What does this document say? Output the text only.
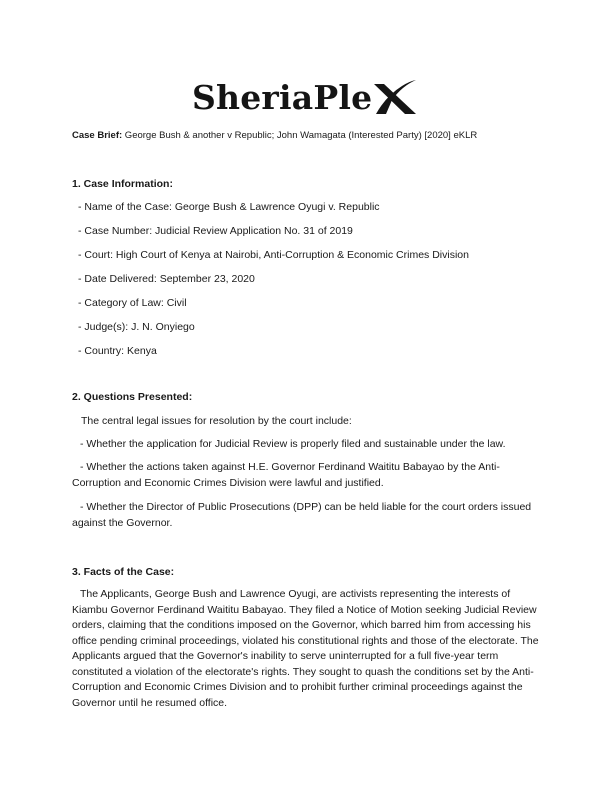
SheriaPle
Case Brief: George Bush & another v Republic; John Wamagata (Interested Party) [2020] eKLR
1. Case Information:
- Name of the Case: George Bush & Lawrence Oyugi v. Republic
- Case Number: Judicial Review Application No. 31 of 2019
- Court: High Court of Kenya at Nairobi, Anti-Corruption & Economic Crimes Division
- Date Delivered: September 23, 2020
- Category of Law: Civil
- Judge(s): J. N. Onyiego
- Country: Kenya
2. Questions Presented:
The central legal issues for resolution by the court include:
- Whether the application for Judicial Review is properly filed and sustainable under the law.
- Whether the actions taken against H.E. Governor Ferdinand Waititu Babayao by the Anti-Corruption and Economic Crimes Division were lawful and justified.
- Whether the Director of Public Prosecutions (DPP) can be held liable for the court orders issued against the Governor.
3. Facts of the Case:
The Applicants, George Bush and Lawrence Oyugi, are activists representing the interests of Kiambu Governor Ferdinand Waititu Babayao. They filed a Notice of Motion seeking Judicial Review orders, claiming that the conditions imposed on the Governor, which barred him from accessing his office pending criminal proceedings, violated his constitutional rights and those of the electorate. The Applicants argued that the Governor's inability to serve uninterrupted for a full five-year term constituted a violation of the electorate's rights. They sought to quash the conditions set by the Anti-Corruption and Economic Crimes Division and to prohibit further criminal proceedings against the Governor until he resumed office.
